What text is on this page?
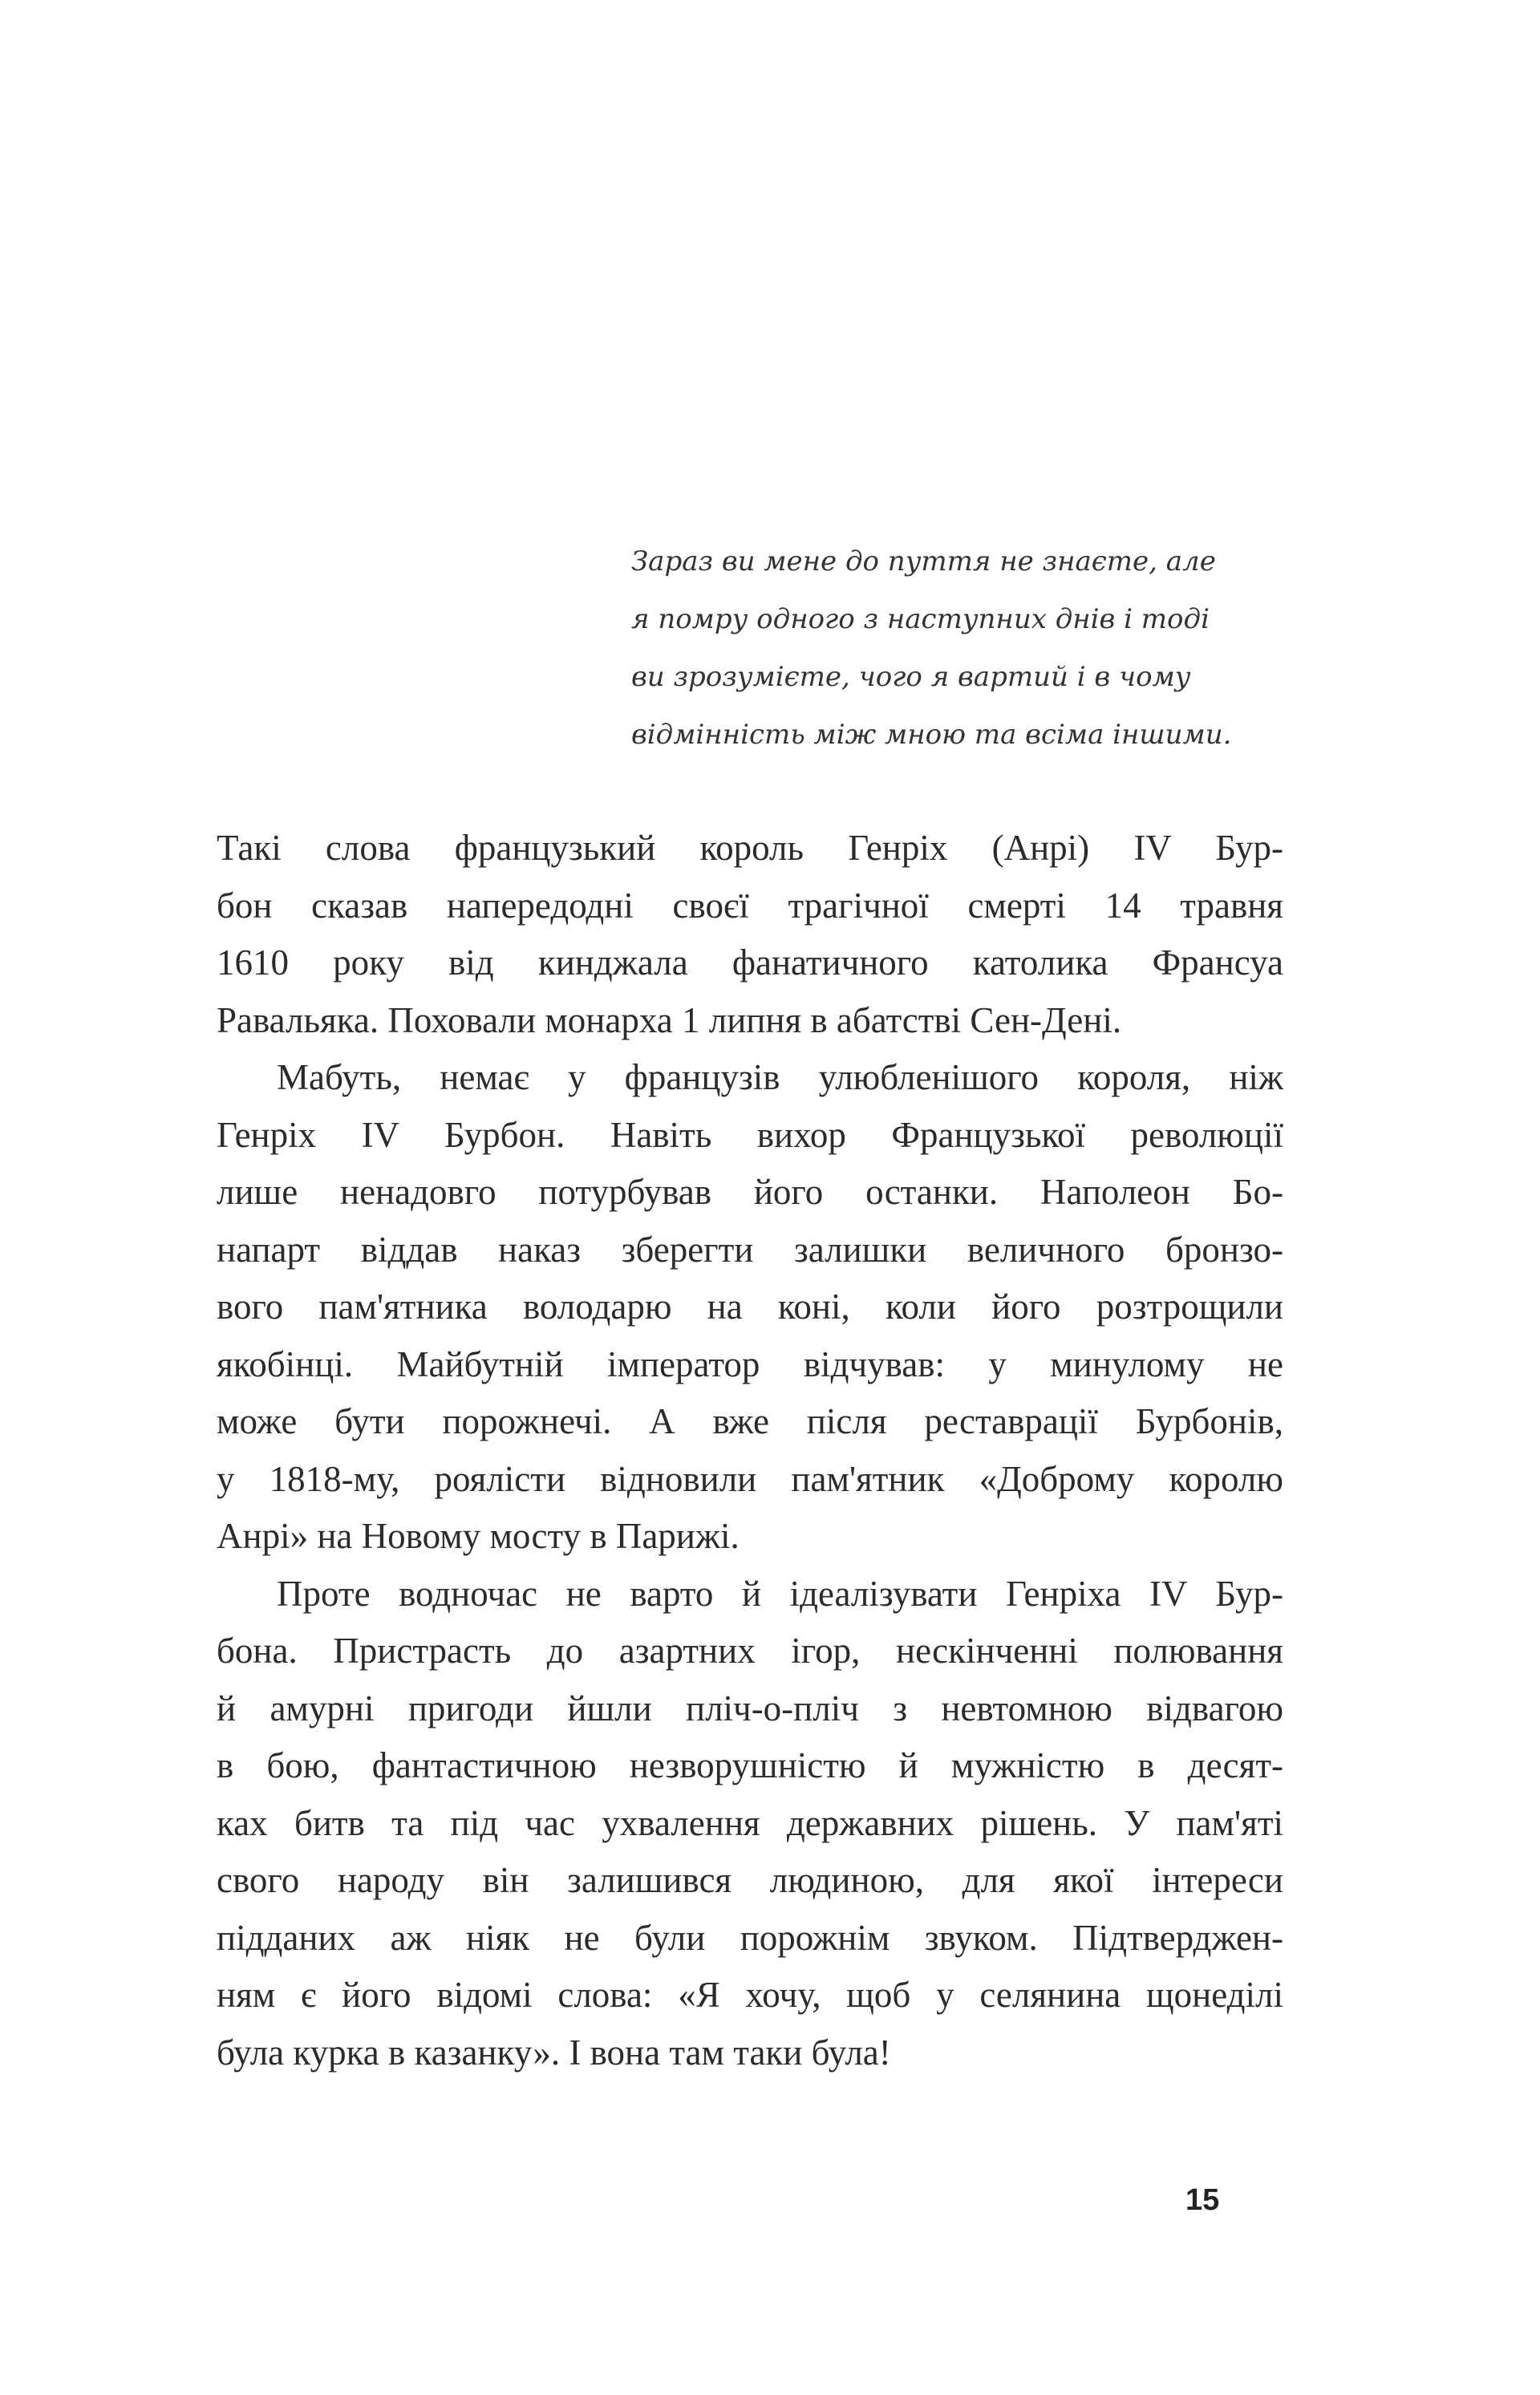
Зараз ви мене до пуття не знаєте, але
я помру одного з наступних днів і тоді
ви зрозумієте, чого я вартий і в чому
відмінність між мною та всіма іншими.
Такі слова французький король Генріх (Анрі) IV Бур-
бон сказав напередодні своєї трагічної смерті 14 травня
1610 року від кинджала фанатичного католика Франсуа
Равальяка. Поховали монарха 1 липня в абатстві Сен-Дені.
Мабуть, немає у французів улюбленішого короля, ніж
Генріх IV Бурбон. Навіть вихор Французької революції
лише ненадовго потурбував його останки. Наполеон Бо-
напарт віддав наказ зберегти залишки величного бронзо-
вого пам'ятника володарю на коні, коли його розтрощили
якобінці. Майбутній імператор відчував: у минулому не
може бути порожнечі. А вже після реставрації Бурбонів,
у 1818-му, роялісти відновили пам'ятник «Доброму королю
Анрі» на Новому мосту в Парижі.
Проте водночас не варто й ідеалізувати Генріха IV Бур-
бона. Пристрасть до азартних ігор, нескінченні полювання
й амурні пригоди йшли пліч-о-пліч з невтомною відвагою
в бою, фантастичною незворушністю й мужністю в десят-
ках битв та під час ухвалення державних рішень. У пам'яті
свого народу він залишився людиною, для якої інтереси
підданих аж ніяк не були порожнім звуком. Підтверджен-
ням є його відомі слова: «Я хочу, щоб у селянина щонеділі
була курка в казанку». І вона там таки була!
15
